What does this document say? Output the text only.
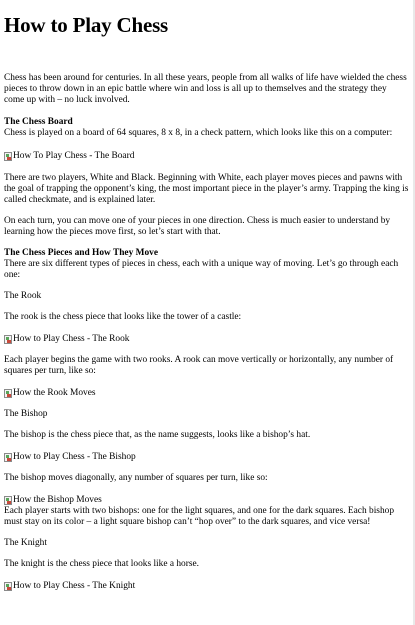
How to Play Chess

Chess has been around for centuries. In all these years, people from all walks of life have wielded the chess pieces to throw down in an epic battle where win and loss is all up to themselves and the strategy they come up with – no luck involved.

The Chess Board

Chess is played on a board of 64 squares, 8 x 8, in a check pattern, which looks like this on a computer:

How To Play Chess - The Board

There are two players, White and Black. Beginning with White, each player moves pieces and pawns with the goal of trapping the opponent’s king, the most important piece in the player’s army. Trapping the king is called checkmate, and is explained later.

On each turn, you can move one of your pieces in one direction. Chess is much easier to understand by learning how the pieces move first, so let’s start with that.

The Chess Pieces and How They Move

There are six different types of pieces in chess, each with a unique way of moving. Let’s go through each one:

The Rook

The rook is the chess piece that looks like the tower of a castle:

How to Play Chess - The Rook

Each player begins the game with two rooks. A rook can move vertically or horizontally, any number of squares per turn, like so:

How the Rook Moves

The Bishop

The bishop is the chess piece that, as the name suggests, looks like a bishop’s hat.

How to Play Chess - The Bishop

The bishop moves diagonally, any number of squares per turn, like so:

How the Bishop Moves

Each player starts with two bishops: one for the light squares, and one for the dark squares. Each bishop must stay on its color – a light square bishop can’t “hop over” to the dark squares, and vice versa!

The Knight

The knight is the chess piece that looks like a horse.

How to Play Chess - The Knight
